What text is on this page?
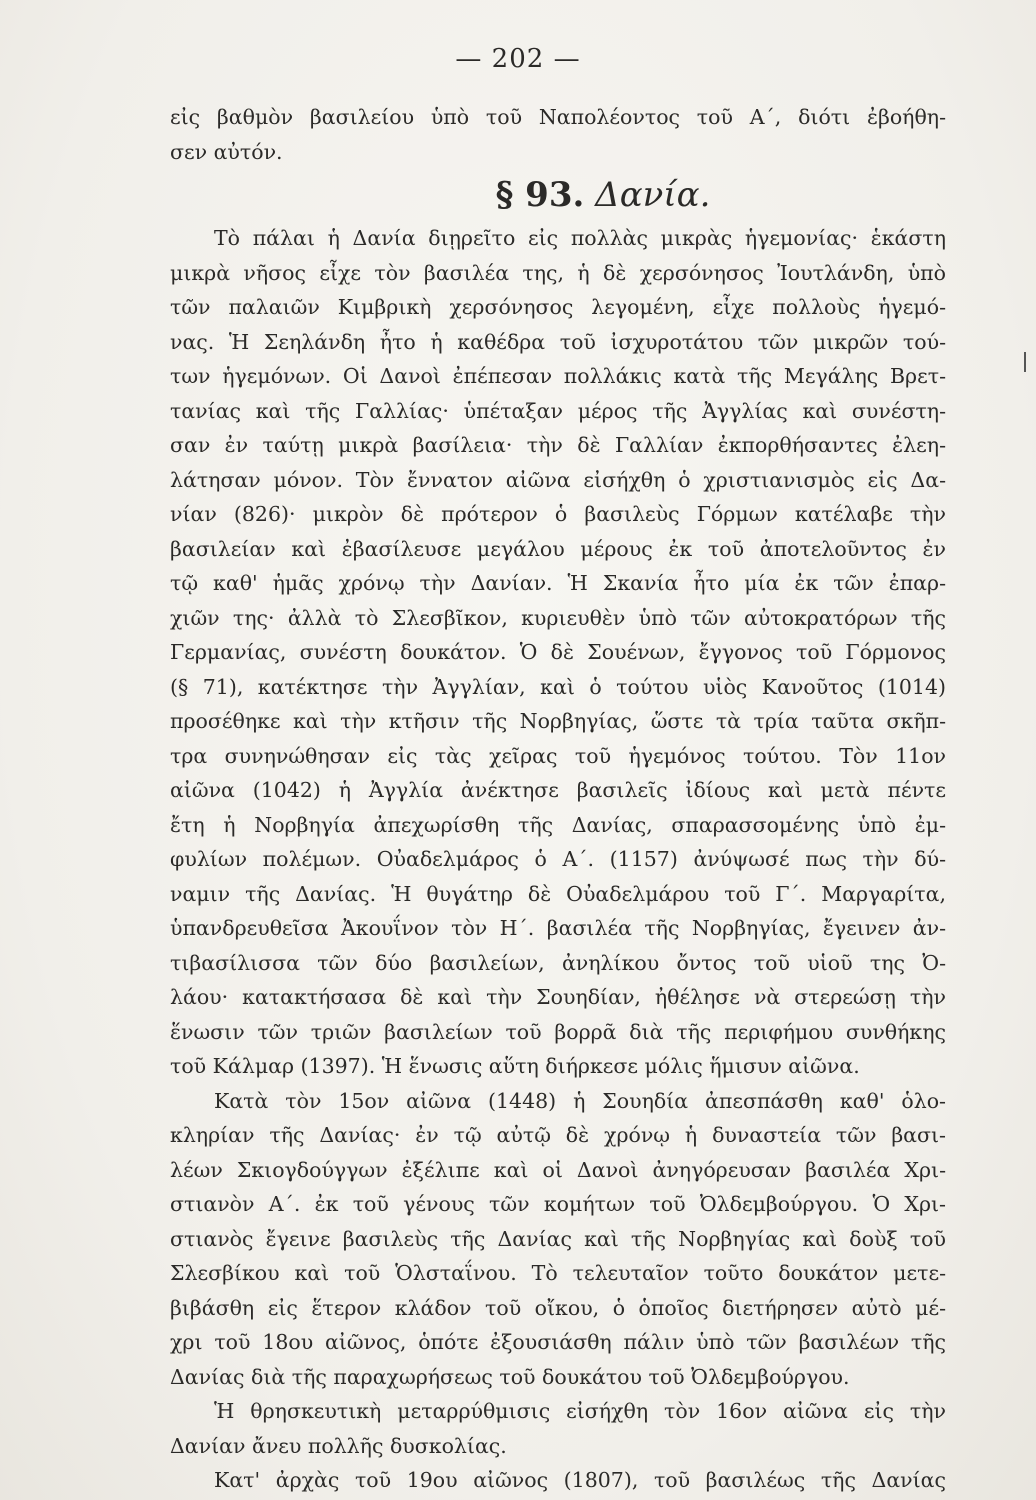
— 202 —
εἰς βαθμὸν βασιλείου ὑπὸ τοῦ Ναπολέοντος τοῦ Α΄, διότι ἐβοήθη-
σεν αὐτόν.
§ 93. Δανία.
Τὸ πάλαι ἡ Δανία διῃρεῖτο εἰς πολλὰς μικρὰς ἡγεμονίας· ἑκάστη
μικρὰ νῆσος εἶχε τὸν βασιλέα της, ἡ δὲ χερσόνησος Ἰουτλάνδη, ὑπὸ
τῶν παλαιῶν Κιμβρικὴ χερσόνησος λεγομένη, εἶχε πολλοὺς ἡγεμό-
νας. Ἡ Σεηλάνδη ἦτο ἡ καθέδρα τοῦ ἰσχυροτάτου τῶν μικρῶν τού-
των ἡγεμόνων. Οἱ Δανοὶ ἐπέπεσαν πολλάκις κατὰ τῆς Μεγάλης Βρετ-
τανίας καὶ τῆς Γαλλίας· ὑπέταξαν μέρος τῆς Ἀγγλίας καὶ συνέστη-
σαν ἐν ταύτῃ μικρὰ βασίλεια· τὴν δὲ Γαλλίαν ἐκπορθήσαντες ἐλεη-
λάτησαν μόνον. Τὸν ἔννατον αἰῶνα εἰσήχθη ὁ χριστιανισμὸς εἰς Δα-
νίαν (826)· μικρὸν δὲ πρότερον ὁ βασιλεὺς Γόρμων κατέλαβε τὴν
βασιλείαν καὶ ἐβασίλευσε μεγάλου μέρους ἐκ τοῦ ἀποτελοῦντος ἐν
τῷ καθ' ἡμᾶς χρόνῳ τὴν Δανίαν. Ἡ Σκανία ἦτο μία ἐκ τῶν ἐπαρ-
χιῶν της· ἀλλὰ τὸ Σλεσβῖκον, κυριευθὲν ὑπὸ τῶν αὐτοκρατόρων τῆς
Γερμανίας, συνέστη δουκάτον. Ὁ δὲ Σουένων, ἔγγονος τοῦ Γόρμονος
(§ 71), κατέκτησε τὴν Ἀγγλίαν, καὶ ὁ τούτου υἱὸς Κανοῦτος (1014)
προσέθηκε καὶ τὴν κτῆσιν τῆς Νορβηγίας, ὥστε τὰ τρία ταῦτα σκῆπ-
τρα συνηνώθησαν εἰς τὰς χεῖρας τοῦ ἡγεμόνος τούτου. Τὸν 11ον
αἰῶνα (1042) ἡ Ἀγγλία ἀνέκτησε βασιλεῖς ἰδίους καὶ μετὰ πέντε
ἔτη ἡ Νορβηγία ἀπεχωρίσθη τῆς Δανίας, σπαρασσομένης ὑπὸ ἐμ-
φυλίων πολέμων. Οὐαδελμάρος ὁ Α΄. (1157) ἀνύψωσέ πως τὴν δύ-
ναμιν τῆς Δανίας. Ἡ θυγάτηρ δὲ Οὐαδελμάρου τοῦ Γ΄. Μαργαρίτα,
ὑπανδρευθεῖσα Ἀκουΐνον τὸν Η΄. βασιλέα τῆς Νορβηγίας, ἔγεινεν ἀν-
τιβασίλισσα τῶν δύο βασιλείων, ἀνηλίκου ὄντος τοῦ υἱοῦ της Ὀ-
λάου· κατακτήσασα δὲ καὶ τὴν Σουηδίαν, ἠθέλησε νὰ στερεώσῃ τὴν
ἕνωσιν τῶν τριῶν βασιλείων τοῦ βορρᾶ διὰ τῆς περιφήμου συνθήκης
τοῦ Κάλμαρ (1397). Ἡ ἕνωσις αὕτη διήρκεσε μόλις ἥμισυν αἰῶνα.
Κατὰ τὸν 15ον αἰῶνα (1448) ἡ Σουηδία ἀπεσπάσθη καθ' ὁλο-
κληρίαν τῆς Δανίας· ἐν τῷ αὐτῷ δὲ χρόνῳ ἡ δυναστεία τῶν βασι-
λέων Σκιογδούγγων ἐξέλιπε καὶ οἱ Δανοὶ ἀνηγόρευσαν βασιλέα Χρι-
στιανὸν Α΄. ἐκ τοῦ γένους τῶν κομήτων τοῦ Ὀλδεμβούργου. Ὁ Χρι-
στιανὸς ἔγεινε βασιλεὺς τῆς Δανίας καὶ τῆς Νορβηγίας καὶ δοὺξ τοῦ
Σλεσβίκου καὶ τοῦ Ὁλσταΐνου. Τὸ τελευταῖον τοῦτο δουκάτον μετε-
βιβάσθη εἰς ἕτερον κλάδον τοῦ οἴκου, ὁ ὁποῖος διετήρησεν αὐτὸ μέ-
χρι τοῦ 18ου αἰῶνος, ὁπότε ἐξουσιάσθη πάλιν ὑπὸ τῶν βασιλέων τῆς
Δανίας διὰ τῆς παραχωρήσεως τοῦ δουκάτου τοῦ Ὀλδεμβούργου.
Ἡ θρησκευτικὴ μεταρρύθμισις εἰσήχθη τὸν 16ον αἰῶνα εἰς τὴν
Δανίαν ἄνευ πολλῆς δυσκολίας.
Κατ' ἀρχὰς τοῦ 19ου αἰῶνος (1807), τοῦ βασιλέως τῆς Δανίας
